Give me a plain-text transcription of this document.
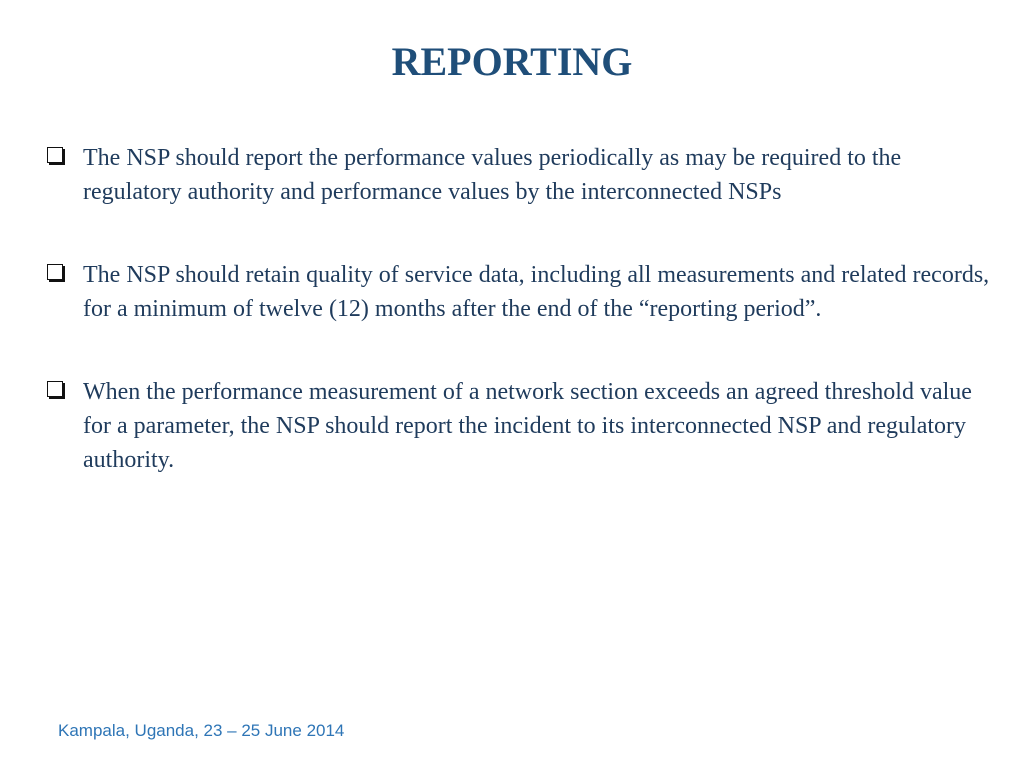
REPORTING
The NSP should report the performance values periodically as may be required to the regulatory authority and performance values by the interconnected NSPs
The NSP should retain quality of service data, including all measurements and related records, for a minimum of twelve (12) months after the end of the “reporting period”.
When the performance measurement of a network section exceeds an agreed threshold value for a parameter, the NSP should report the incident to its interconnected NSP and regulatory authority.
Kampala, Uganda, 23 – 25 June 2014
